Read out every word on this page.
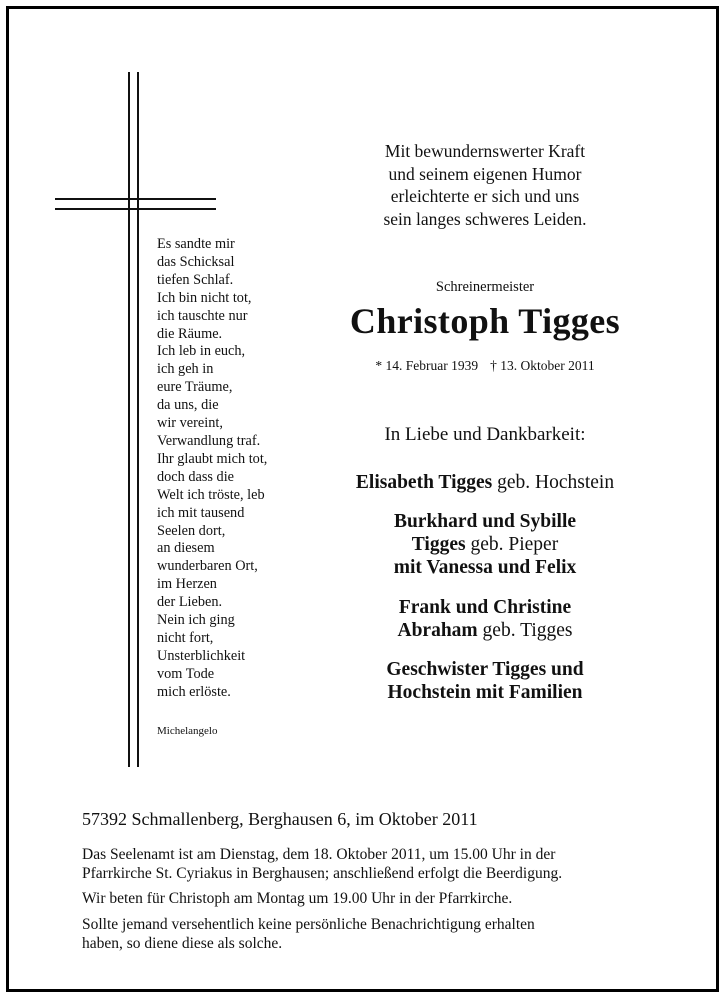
Es sandte mir
das Schicksal
tiefen Schlaf.
Ich bin nicht tot,
ich tauschte nur
die Räume.
Ich leb in euch,
ich geh in
eure Träume,
da uns, die
wir vereint,
Verwandlung traf.
Ihr glaubt mich tot,
doch dass die
Welt ich tröste, leb
ich mit tausend
Seelen dort,
an diesem
wunderbaren Ort,
im Herzen
der Lieben.
Nein ich ging
nicht fort,
Unsterblichkeit
vom Tode
mich erlöste.
Michelangelo
Mit bewundernswerter Kraft
und seinem eigenen Humor
erleichterte er sich und uns
sein langes schweres Leiden.
Schreinermeister
Christoph Tigges
* 14. Februar 1939 † 13. Oktober 2011
In Liebe und Dankbarkeit:
Elisabeth Tigges geb. Hochstein
Burkhard und Sybille
Tigges geb. Pieper
mit Vanessa und Felix
Frank und Christine
Abraham geb. Tigges
Geschwister Tigges und
Hochstein mit Familien
57392 Schmallenberg, Berghausen 6, im Oktober 2011
Das Seelenamt ist am Dienstag, dem 18. Oktober 2011, um 15.00 Uhr in der
Pfarrkirche St. Cyriakus in Berghausen; anschließend erfolgt die Beerdigung.
Wir beten für Christoph am Montag um 19.00 Uhr in der Pfarrkirche.
Sollte jemand versehentlich keine persönliche Benachrichtigung erhalten
haben, so diene diese als solche.
